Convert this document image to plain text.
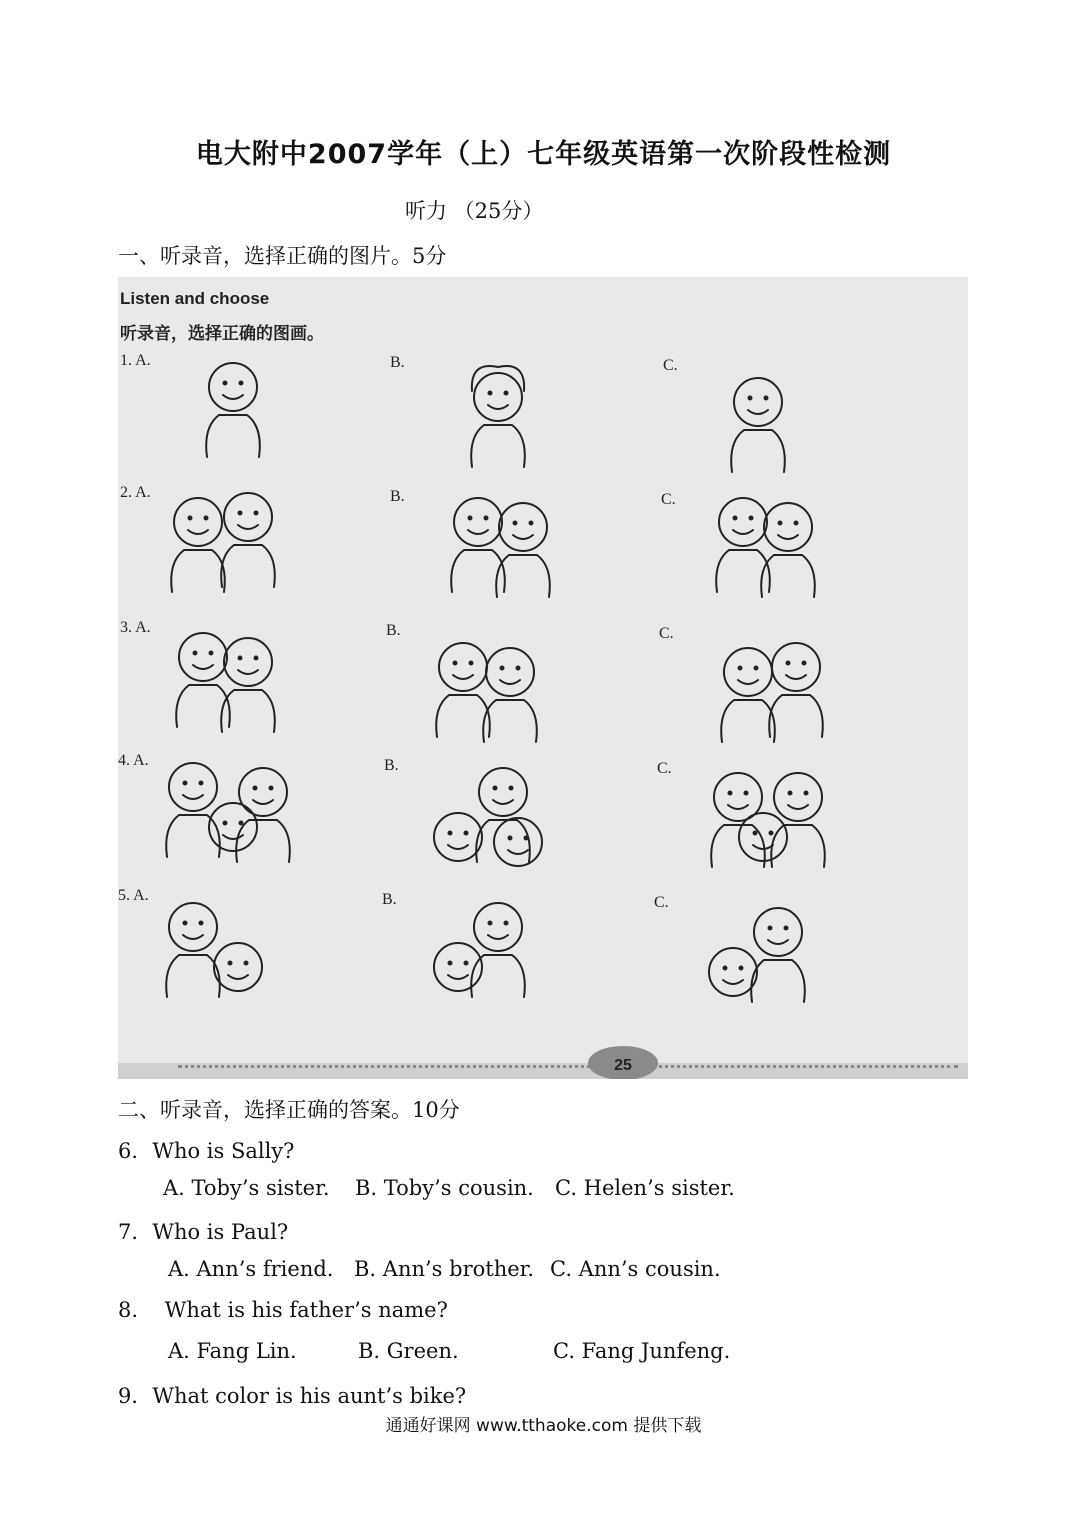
电大附中2007学年（上）七年级英语第一次阶段性检测
听力 （25分）
一、听录音，选择正确的图片。5分
Listen and choose
听录音，选择正确的图画。
1. A.	B.	C.
2. A.	B.	C.
3. A.	B.	C.
4. A.	B.	C.
5. A.	B.	C.
25
二、听录音，选择正确的答案。10分
6．Who is Sally?
A. Toby’s sister. B. Toby’s cousin. C. Helen’s sister.
7．Who is Paul?
A. Ann’s friend. B. Ann’s brother. C. Ann’s cousin.
8.    What is his father’s name?
A. Fang Lin.	B. Green.	C. Fang Junfeng.
9．What color is his aunt’s bike?
通通好课网 www.tthaoke.com 提供下载
